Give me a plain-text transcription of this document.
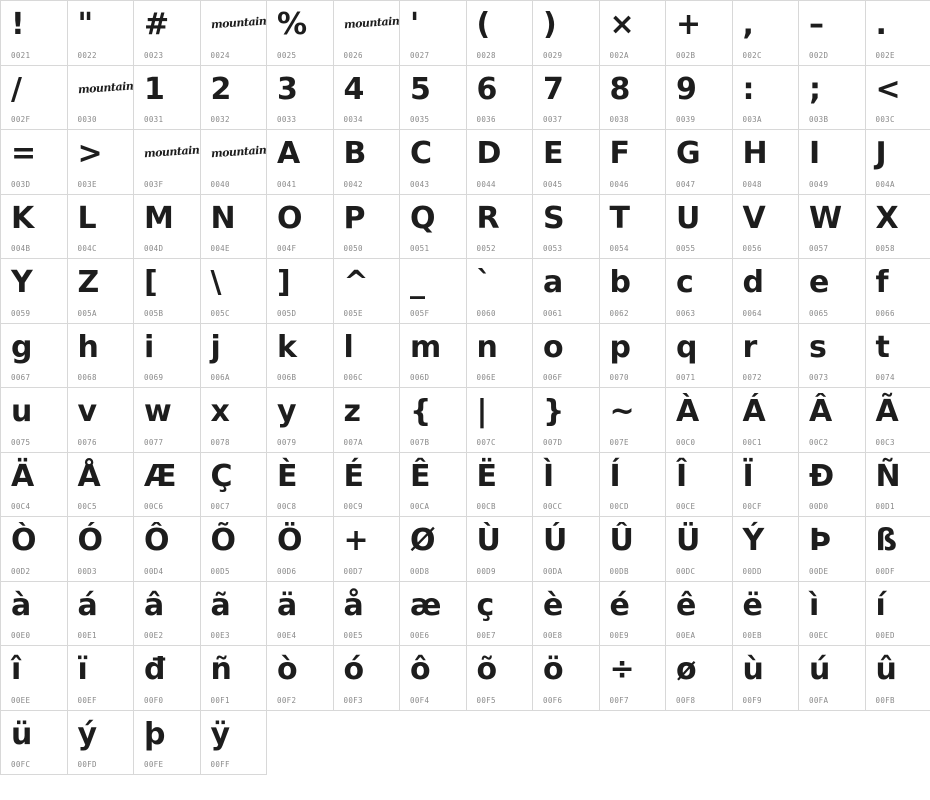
!
0021
"
0022
#
0023
mountain
0024
%
0025
mountain
0026
'
0027
(
0028
)
0029
×
002A
+
002B
,
002C
–
002D
.
002E
/
002F
mountain
0030
1
0031
2
0032
3
0033
4
0034
5
0035
6
0036
7
0037
8
0038
9
0039
:
003A
;
003B
<
003C
=
003D
>
003E
mountain
003F
mountain
0040
A
0041
B
0042
C
0043
D
0044
E
0045
F
0046
G
0047
H
0048
I
0049
J
004A
K
004B
L
004C
M
004D
N
004E
O
004F
P
0050
Q
0051
R
0052
S
0053
T
0054
U
0055
V
0056
W
0057
X
0058
Y
0059
Z
005A
[
005B
\
005C
]
005D
^
005E
_
005F
`
0060
a
0061
b
0062
c
0063
d
0064
e
0065
f
0066
g
0067
h
0068
i
0069
j
006A
k
006B
l
006C
m
006D
n
006E
o
006F
p
0070
q
0071
r
0072
s
0073
t
0074
u
0075
v
0076
w
0077
x
0078
y
0079
z
007A
{
007B
|
007C
}
007D
~
007E
À
00C0
Á
00C1
Â
00C2
Ã
00C3
Ä
00C4
Å
00C5
Æ
00C6
Ç
00C7
È
00C8
É
00C9
Ê
00CA
Ë
00CB
Ì
00CC
Í
00CD
Î
00CE
Ï
00CF
Ð
00D0
Ñ
00D1
Ò
00D2
Ó
00D3
Ô
00D4
Õ
00D5
Ö
00D6
+
00D7
Ø
00D8
Ù
00D9
Ú
00DA
Û
00DB
Ü
00DC
Ý
00DD
Þ
00DE
ß
00DF
à
00E0
á
00E1
â
00E2
ã
00E3
ä
00E4
å
00E5
æ
00E6
ç
00E7
è
00E8
é
00E9
ê
00EA
ë
00EB
ì
00EC
í
00ED
î
00EE
ï
00EF
đ
00F0
ñ
00F1
ò
00F2
ó
00F3
ô
00F4
õ
00F5
ö
00F6
÷
00F7
ø
00F8
ù
00F9
ú
00FA
û
00FB
ü
00FC
ý
00FD
þ
00FE
ÿ
00FF
